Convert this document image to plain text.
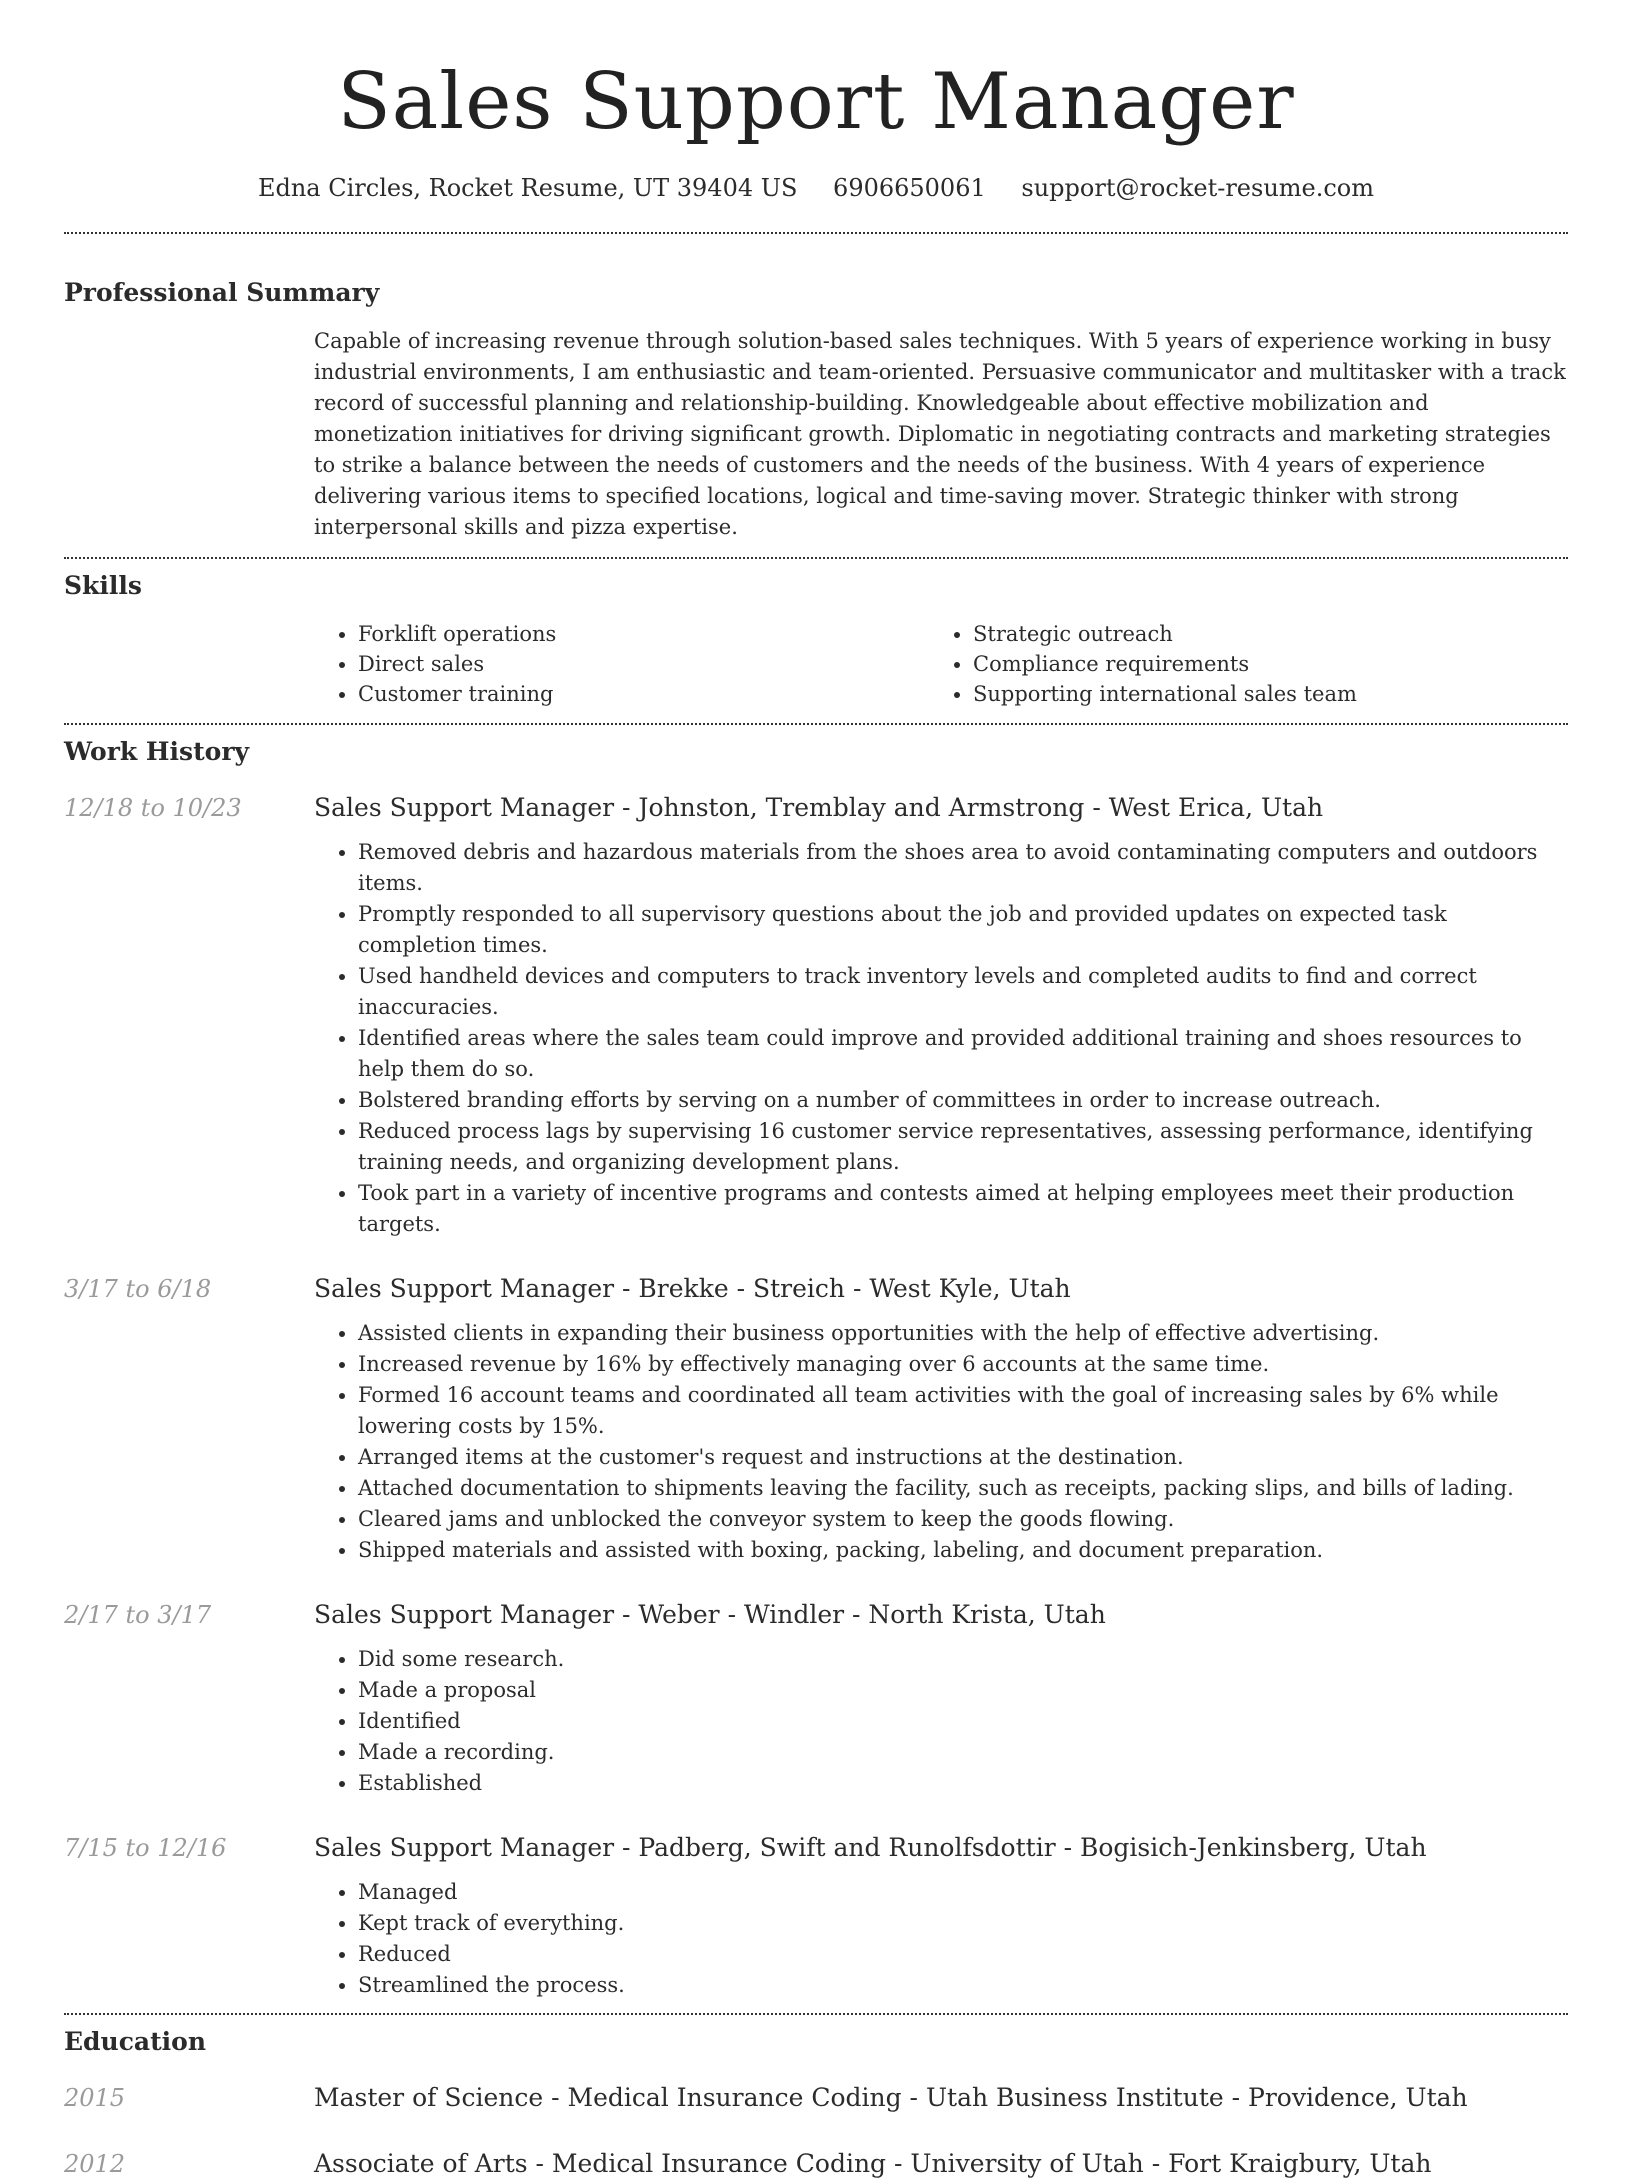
Sales Support Manager
Edna Circles, Rocket Resume, UT 39404 US 6906650061 support@rocket-resume.com
Professional Summary

Capable of increasing revenue through solution-based sales techniques. With 5 years of experience working in busy industrial environments, I am enthusiastic and team-oriented. Persuasive communicator and multitasker with a track record of successful planning and relationship-building. Knowledgeable about effective mobilization and monetization initiatives for driving significant growth. Diplomatic in negotiating contracts and marketing strategies to strike a balance between the needs of customers and the needs of the business. With 4 years of experience delivering various items to specified locations, logical and time-saving mover. Strategic thinker with strong interpersonal skills and pizza expertise.

Skills
• Forklift operations
• Direct sales
• Customer training
• Strategic outreach
• Compliance requirements
• Supporting international sales team
Work History
12/18 to 10/23	Sales Support Manager - Johnston, Tremblay and Armstrong - West Erica, Utah
• Removed debris and hazardous materials from the shoes area to avoid contaminating computers and outdoors items.
• Promptly responded to all supervisory questions about the job and provided updates on expected task completion times.
• Used handheld devices and computers to track inventory levels and completed audits to find and correct inaccuracies.
• Identified areas where the sales team could improve and provided additional training and shoes resources to help them do so.
• Bolstered branding efforts by serving on a number of committees in order to increase outreach.
• Reduced process lags by supervising 16 customer service representatives, assessing performance, identifying training needs, and organizing development plans.
• Took part in a variety of incentive programs and contests aimed at helping employees meet their production targets.
3/17 to 6/18	Sales Support Manager - Brekke - Streich - West Kyle, Utah
• Assisted clients in expanding their business opportunities with the help of effective advertising.
• Increased revenue by 16% by effectively managing over 6 accounts at the same time.
• Formed 16 account teams and coordinated all team activities with the goal of increasing sales by 6% while lowering costs by 15%.
• Arranged items at the customer's request and instructions at the destination.
• Attached documentation to shipments leaving the facility, such as receipts, packing slips, and bills of lading.
• Cleared jams and unblocked the conveyor system to keep the goods flowing.
• Shipped materials and assisted with boxing, packing, labeling, and document preparation.
2/17 to 3/17	Sales Support Manager - Weber - Windler - North Krista, Utah
• Did some research.
• Made a proposal
• Identified
• Made a recording.
• Established
7/15 to 12/16	Sales Support Manager - Padberg, Swift and Runolfsdottir - Bogisich-Jenkinsberg, Utah
• Managed
• Kept track of everything.
• Reduced
• Streamlined the process.
Education
2015	Master of Science - Medical Insurance Coding - Utah Business Institute - Providence, Utah
2012	Associate of Arts - Medical Insurance Coding - University of Utah - Fort Kraigbury, Utah
